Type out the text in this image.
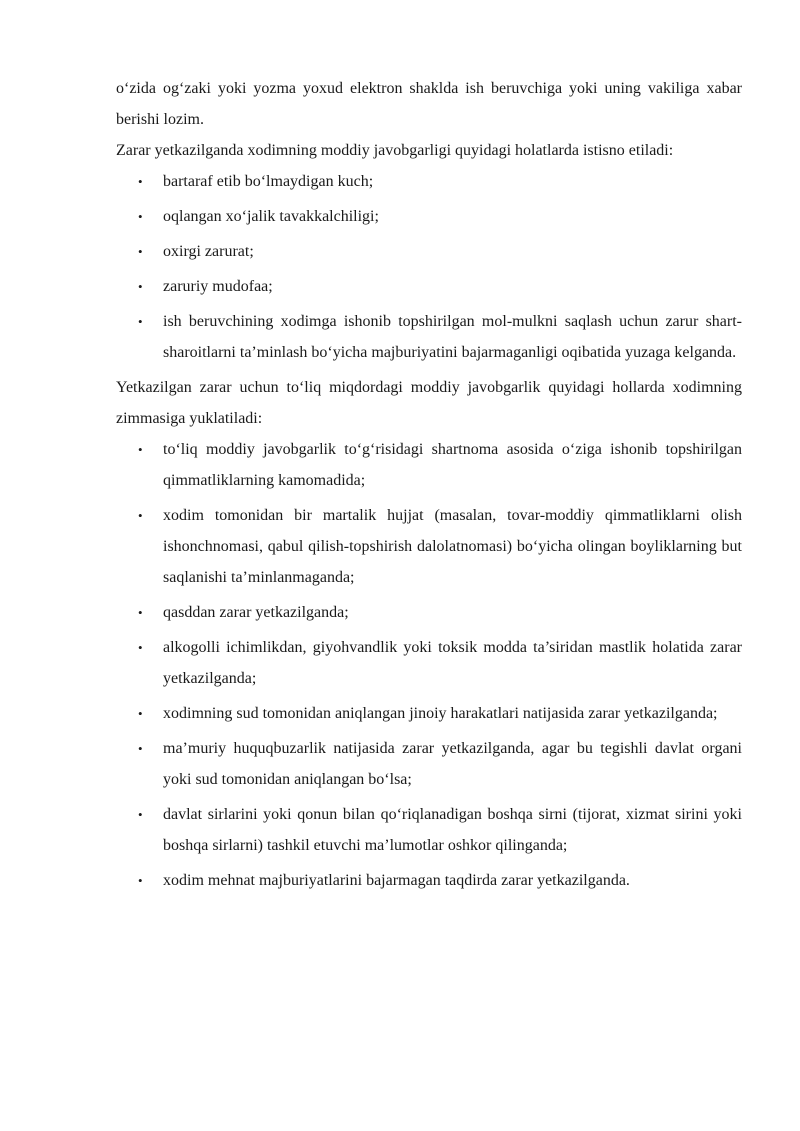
o‘zida og‘zaki yoki yozma yoxud elektron shaklda ish beruvchiga yoki uning vakiliga xabar berishi lozim.

Zarar yetkazilganda xodimning moddiy javobgarligi quyidagi holatlarda istisno etiladi:

• bartaraf etib bo‘lmaydigan kuch;
• oqlangan xo‘jalik tavakkalchiligi;
• oxirgi zarurat;
• zaruriy mudofaa;
• ish beruvchining xodimga ishonib topshirilgan mol-mulkni saqlash uchun zarur shart-sharoitlarni ta’minlash bo‘yicha majburiyatini bajarmaganligi oqibatida yuzaga kelganda.

Yetkazilgan zarar uchun to‘liq miqdordagi moddiy javobgarlik quyidagi hollarda xodimning zimmasiga yuklatiladi:

• to‘liq moddiy javobgarlik to‘g‘risidagi shartnoma asosida o‘ziga ishonib topshirilgan qimmatliklarning kamomadida;
• xodim tomonidan bir martalik hujjat (masalan, tovar-moddiy qimmatliklarni olish ishonchnomasi, qabul qilish-topshirish dalolatnomasi) bo‘yicha olingan boyliklarning but saqlanishi ta’minlanmaganda;
• qasddan zarar yetkazilganda;
• alkogolli ichimlikdan, giyohvandlik yoki toksik modda ta’siridan mastlik holatida zarar yetkazilganda;
• xodimning sud tomonidan aniqlangan jinoiy harakatlari natijasida zarar yetkazilganda;
• ma’muriy huquqbuzarlik natijasida zarar yetkazilganda, agar bu tegishli davlat organi yoki sud tomonidan aniqlangan bo‘lsa;
• davlat sirlarini yoki qonun bilan qo‘riqlanadigan boshqa sirni (tijorat, xizmat sirini yoki boshqa sirlarni) tashkil etuvchi ma’lumotlar oshkor qilinganda;
• xodim mehnat majburiyatlarini bajarmagan taqdirda zarar yetkazilganda.
